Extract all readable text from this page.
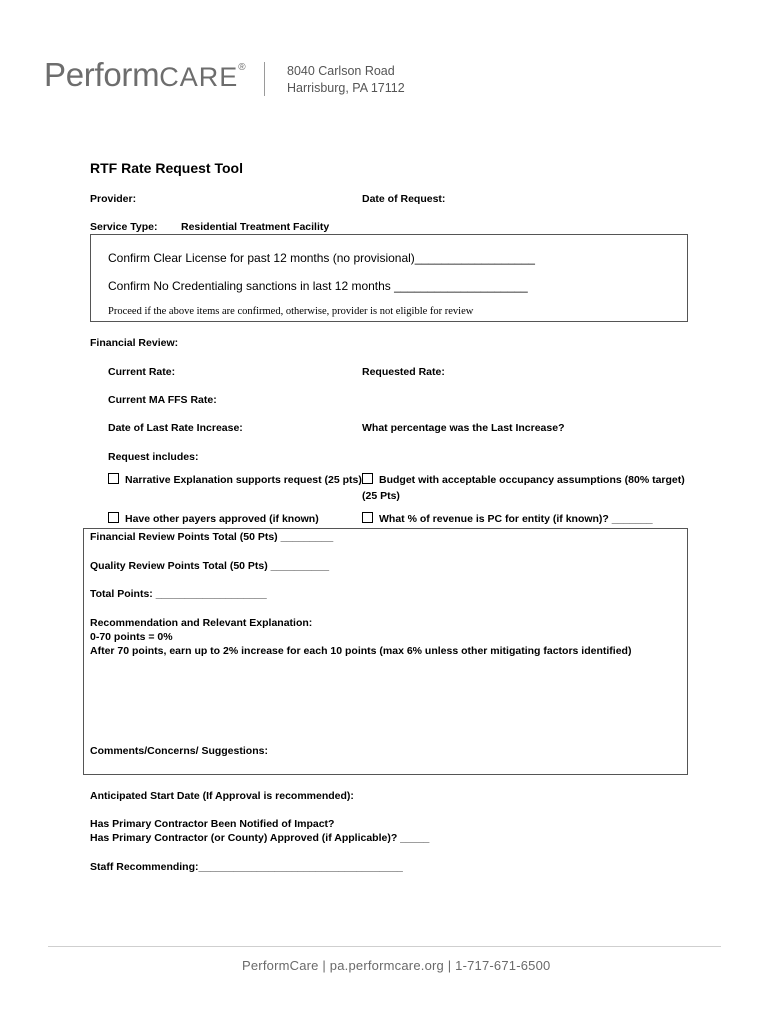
PerformCARE®	8040 Carlson Road
Harrisburg, PA 17112
RTF Rate Request Tool
Provider:	Date of Request:
Service Type: Residential Treatment Facility
Confirm Clear License for past 12 months (no provisional)__________________
Confirm No Credentialing sanctions in last 12 months ____________________
Proceed if the above items are confirmed, otherwise, provider is not eligible for review
Financial Review:
Current Rate:	Requested Rate:
Current MA FFS Rate:
Date of Last Rate Increase:	What percentage was the Last Increase?
Request includes:
Narrative Explanation supports request (25 pts)	Budget with acceptable occupancy assumptions (80% target)
(25 Pts)
Have other payers approved (if known)	What % of revenue is PC for entity (if known)? _______
Financial Review Points Total (50 Pts) _________
Quality Review Points Total (50 Pts) __________
Total Points: ___________________
Recommendation and Relevant Explanation:
0-70 points = 0%
After 70 points, earn up to 2% increase for each 10 points (max 6% unless other mitigating factors identified)
Comments/Concerns/ Suggestions:
Anticipated Start Date (If Approval is recommended):
Has Primary Contractor Been Notified of Impact?
Has Primary Contractor (or County) Approved (if Applicable)? _____
Staff Recommending:___________________________________
PerformCare | pa.performcare.org | 1-717-671-6500
